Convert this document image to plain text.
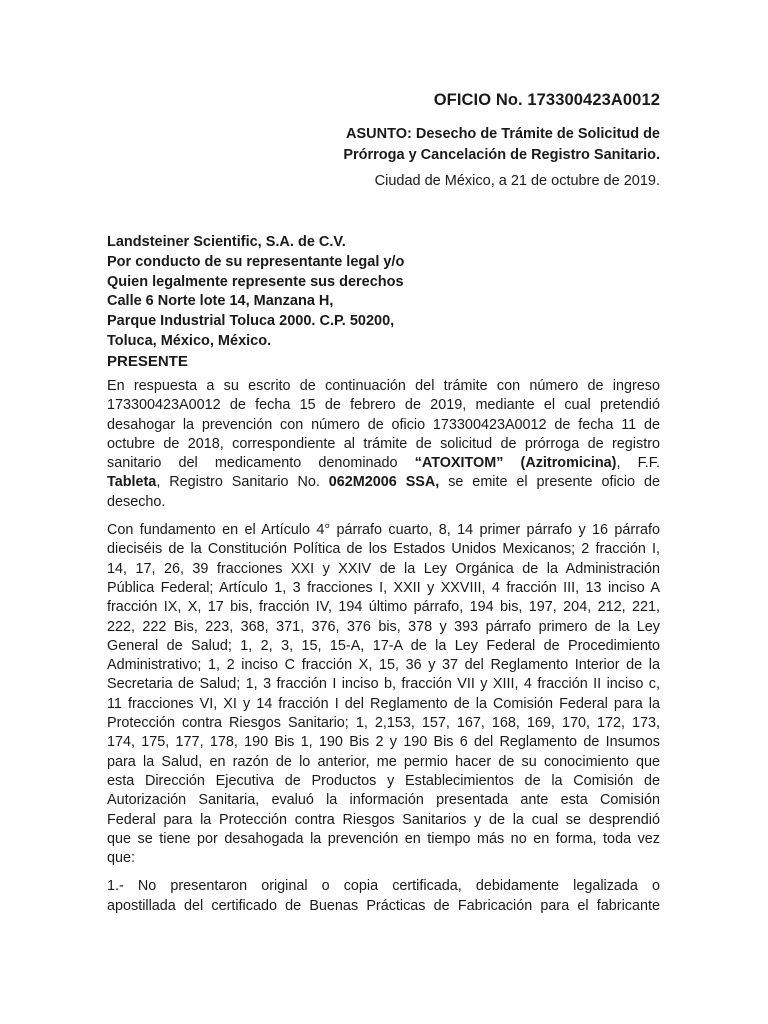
OFICIO No. 173300423A0012
ASUNTO: Desecho de Trámite de Solicitud de
Prórroga y Cancelación de Registro Sanitario.
Ciudad de México, a 21 de octubre de 2019.
Landsteiner Scientific, S.A. de C.V.
Por conducto de su representante legal y/o
Quien legalmente represente sus derechos
Calle 6 Norte lote 14, Manzana H,
Parque Industrial Toluca 2000. C.P. 50200,
Toluca, México, México.
PRESENTE

En respuesta a su escrito de continuación del trámite con número de ingreso
173300423A0012 de fecha 15 de febrero de 2019, mediante el cual pretendió
desahogar la prevención con número de oficio 173300423A0012 de fecha 11 de
octubre de 2018, correspondiente al trámite de solicitud de prórroga de registro
sanitario del medicamento denominado “ATOXITOM” (Azitromicina), F.F.
Tableta, Registro Sanitario No. 062M2006 SSA, se emite el presente oficio de
desecho.

Con fundamento en el Artículo 4° párrafo cuarto, 8, 14 primer párrafo y 16 párrafo
dieciséis de la Constitución Política de los Estados Unidos Mexicanos; 2 fracción I,
14, 17, 26, 39 fracciones XXI y XXIV de la Ley Orgánica de la Administración
Pública Federal; Artículo 1, 3 fracciones I, XXII y XXVIII, 4 fracción III, 13 inciso A
fracción IX, X, 17 bis, fracción IV, 194 último párrafo, 194 bis, 197, 204, 212, 221,
222, 222 Bis, 223, 368, 371, 376, 376 bis, 378 y 393 párrafo primero de la Ley
General de Salud; 1, 2, 3, 15, 15-A, 17-A de la Ley Federal de Procedimiento
Administrativo; 1, 2 inciso C fracción X, 15, 36 y 37 del Reglamento Interior de la
Secretaria de Salud; 1, 3 fracción I inciso b, fracción VII y XIII, 4 fracción II inciso c,
11 fracciones VI, XI y 14 fracción I del Reglamento de la Comisión Federal para la
Protección contra Riesgos Sanitario; 1, 2,153, 157, 167, 168, 169, 170, 172, 173,
174, 175, 177, 178, 190 Bis 1, 190 Bis 2 y 190 Bis 6 del Reglamento de Insumos
para la Salud, en razón de lo anterior, me permio hacer de su conocimiento que
esta Dirección Ejecutiva de Productos y Establecimientos de la Comisión de
Autorización Sanitaria, evaluó la información presentada ante esta Comisión
Federal para la Protección contra Riesgos Sanitarios y de la cual se desprendió
que se tiene por desahogada la prevención en tiempo más no en forma, toda vez
que:

1.- No presentaron original o copia certificada, debidamente legalizada o
apostillada del certificado de Buenas Prácticas de Fabricación para el fabricante
